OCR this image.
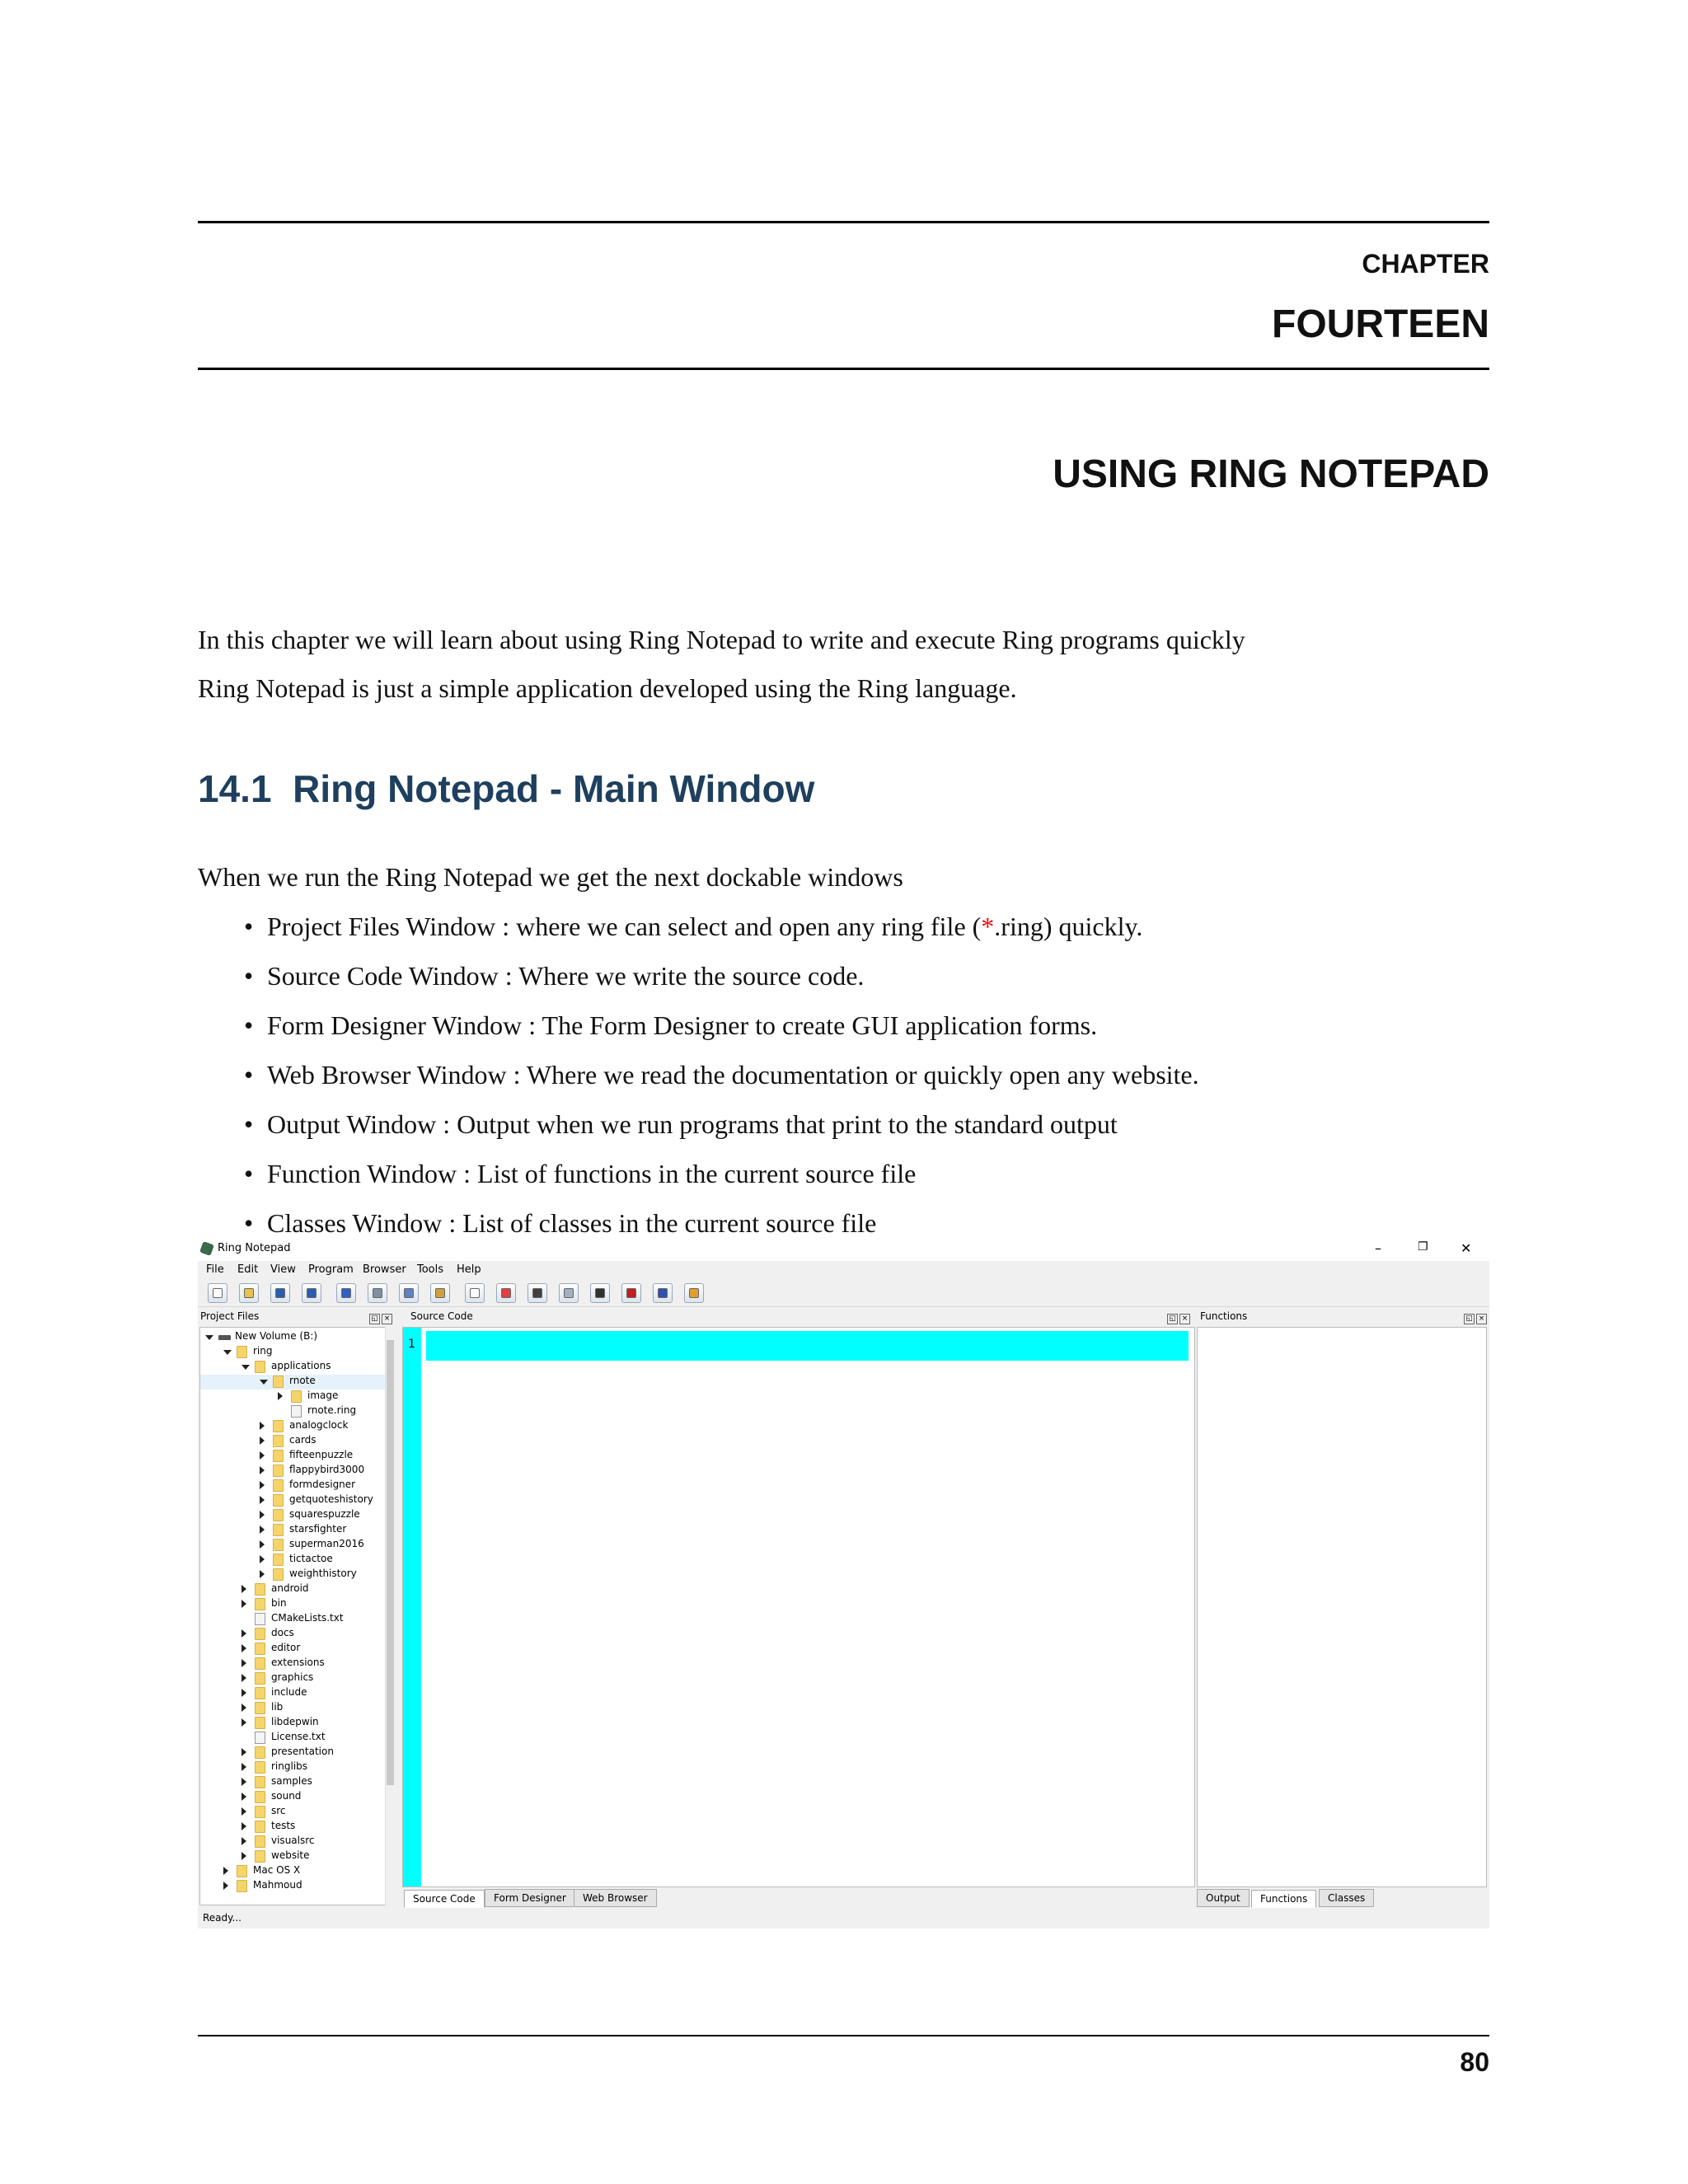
CHAPTER
FOURTEEN
USING RING NOTEPAD
In this chapter we will learn about using Ring Notepad to write and execute Ring programs quickly
Ring Notepad is just a simple application developed using the Ring language.
14.1 Ring Notepad - Main Window
When we run the Ring Notepad we get the next dockable windows
• Project Files Window : where we can select and open any ring file (*.ring) quickly.
• Source Code Window : Where we write the source code.
• Form Designer Window : The Form Designer to create GUI application forms.
• Web Browser Window : Where we read the documentation or quickly open any website.
• Output Window : Output when we run programs that print to the standard output
• Function Window : List of functions in the current source file
• Classes Window : List of classes in the current source file
Ring Notepad	–	❐ ✕
File Edit View Program Browser Tools Help
Project Files	◱ ×
New Volume (B:)
ring
applications
rnote
image
rnote.ring
analogclock
cards
fifteenpuzzle
flappybird3000
formdesigner
getquoteshistory
squarespuzzle
starsfighter
superman2016
tictactoe
weighthistory
android
bin
CMakeLists.txt
docs
editor
extensions
graphics
include
lib
libdepwin
License.txt
presentation
ringlibs
samples
sound
src
tests
visualsrc
website
Mac OS X
Mahmoud
Source Code	◱ ×
1
Functions	◱ ×
Source Code	Form Designer	Web Browser	Output	Functions	Classes
Ready...
80
